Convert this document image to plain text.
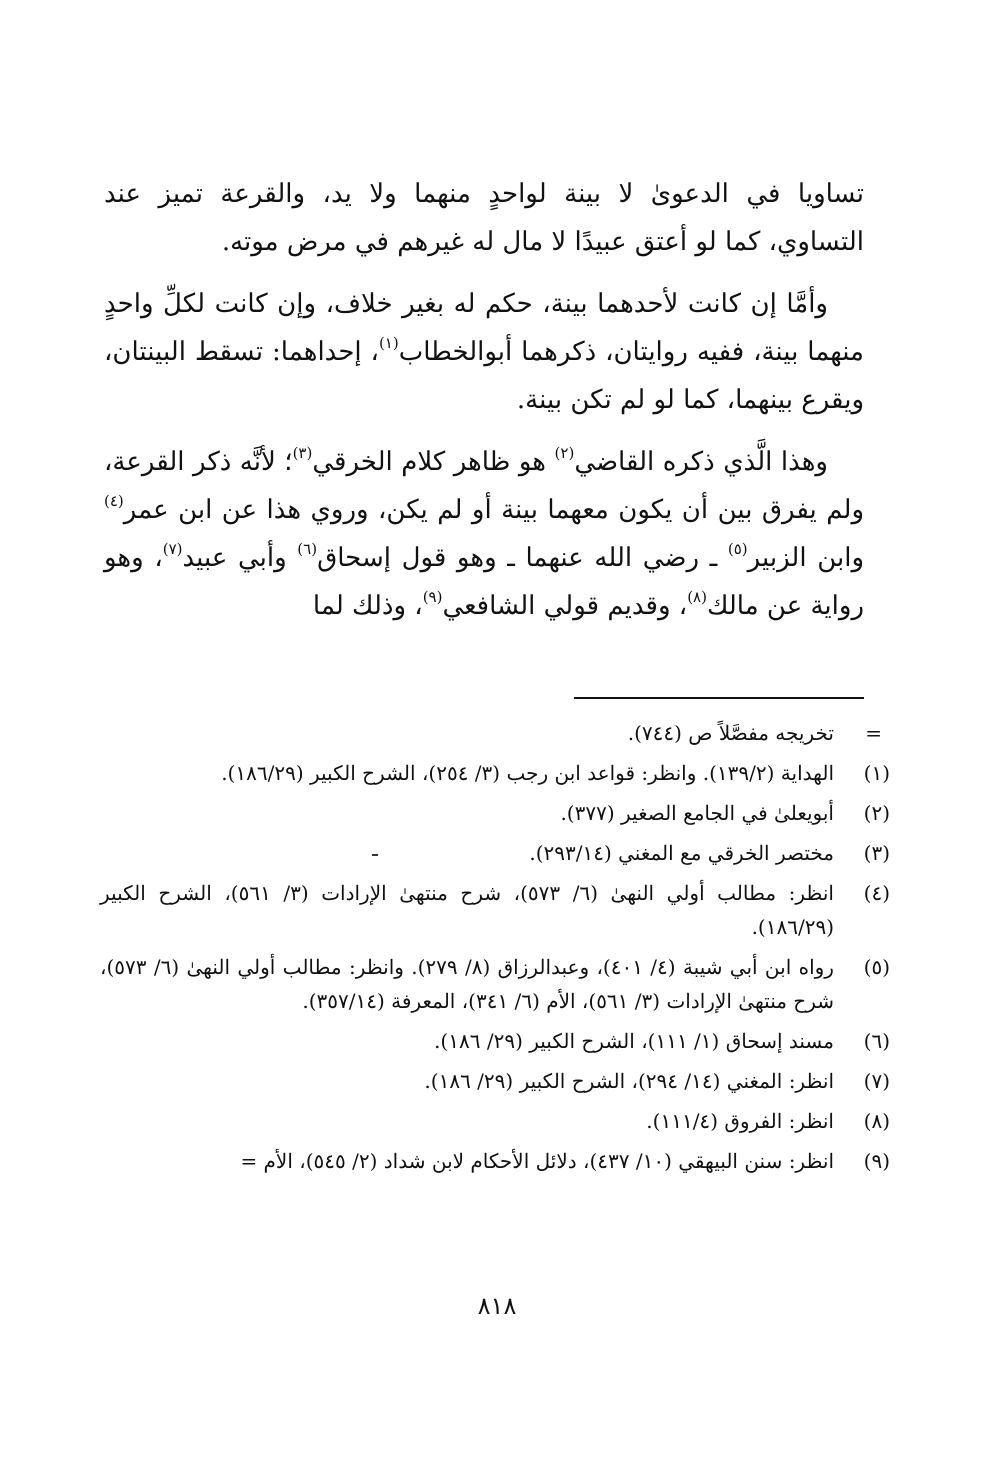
تساويا في الدعوىٰ لا بينة لواحدٍ منهما ولا يد، والقرعة تميز عند التساوي، كما لو أعتق عبيدًا لا مال له غيرهم في مرض موته.

وأمَّا إن كانت لأحدهما بينة، حكم له بغير خلاف، وإن كانت لكلِّ واحدٍ منهما بينة، ففيه روايتان، ذكرهما أبوالخطاب$^{(١)}$، إحداهما: تسقط البينتان، ويقرع بينهما، كما لو لم تكن بينة.

وهذا الَّذي ذكره القاضي$^{(٢)}$ هو ظاهر كلام الخرقي$^{(٣)}$؛ لأنَّه ذكر القرعة، ولم يفرق بين أن يكون معهما بينة أو لم يكن، وروي هذا عن ابن عمر$^{(٤)}$ وابن الزبير$^{(٥)}$ ـ رضي الله عنهما ـ وهو قول إسحاق$^{(٦)}$ وأبي عبيد$^{(٧)}$، وهو رواية عن مالك$^{(٨)}$، وقديم قولي الشافعي$^{(٩)}$، وذلك لما

=
تخريجه مفصَّلاً ص (٧٤٤).
(١)
الهداية (١٣٩/٢). وانظر: قواعد ابن رجب (٣/ ٢٥٤)، الشرح الكبير (١٨٦/٢٩).
(٢)
أبويعلىٰ في الجامع الصغير (٣٧٧).
(٣)
مختصر الخرقي مع المغني (٢٩٣/١٤).
(٤)
انظر: مطالب أولي النهىٰ (٦/ ٥٧٣)، شرح منتهىٰ الإرادات (٣/ ٥٦١)، الشرح الكبير (١٨٦/٢٩).
(٥)
رواه ابن أبي شيبة (٤/ ٤٠١)، وعبدالرزاق (٨/ ٢٧٩). وانظر: مطالب أولي النهىٰ (٦/ ٥٧٣)، شرح منتهىٰ الإرادات (٣/ ٥٦١)، الأم (٦/ ٣٤١)، المعرفة (٣٥٧/١٤).
(٦)
مسند إسحاق (١/ ١١١)، الشرح الكبير (٢٩/ ١٨٦).
(٧)
انظر: المغني (١٤/ ٢٩٤)، الشرح الكبير (٢٩/ ١٨٦).
(٨)
انظر: الفروق (١١١/٤).
(٩)
انظر: سنن البيهقي (١٠/ ٤٣٧)، دلائل الأحكام لابن شداد (٢/ ٥٤٥)، الأم =
٨١٨
